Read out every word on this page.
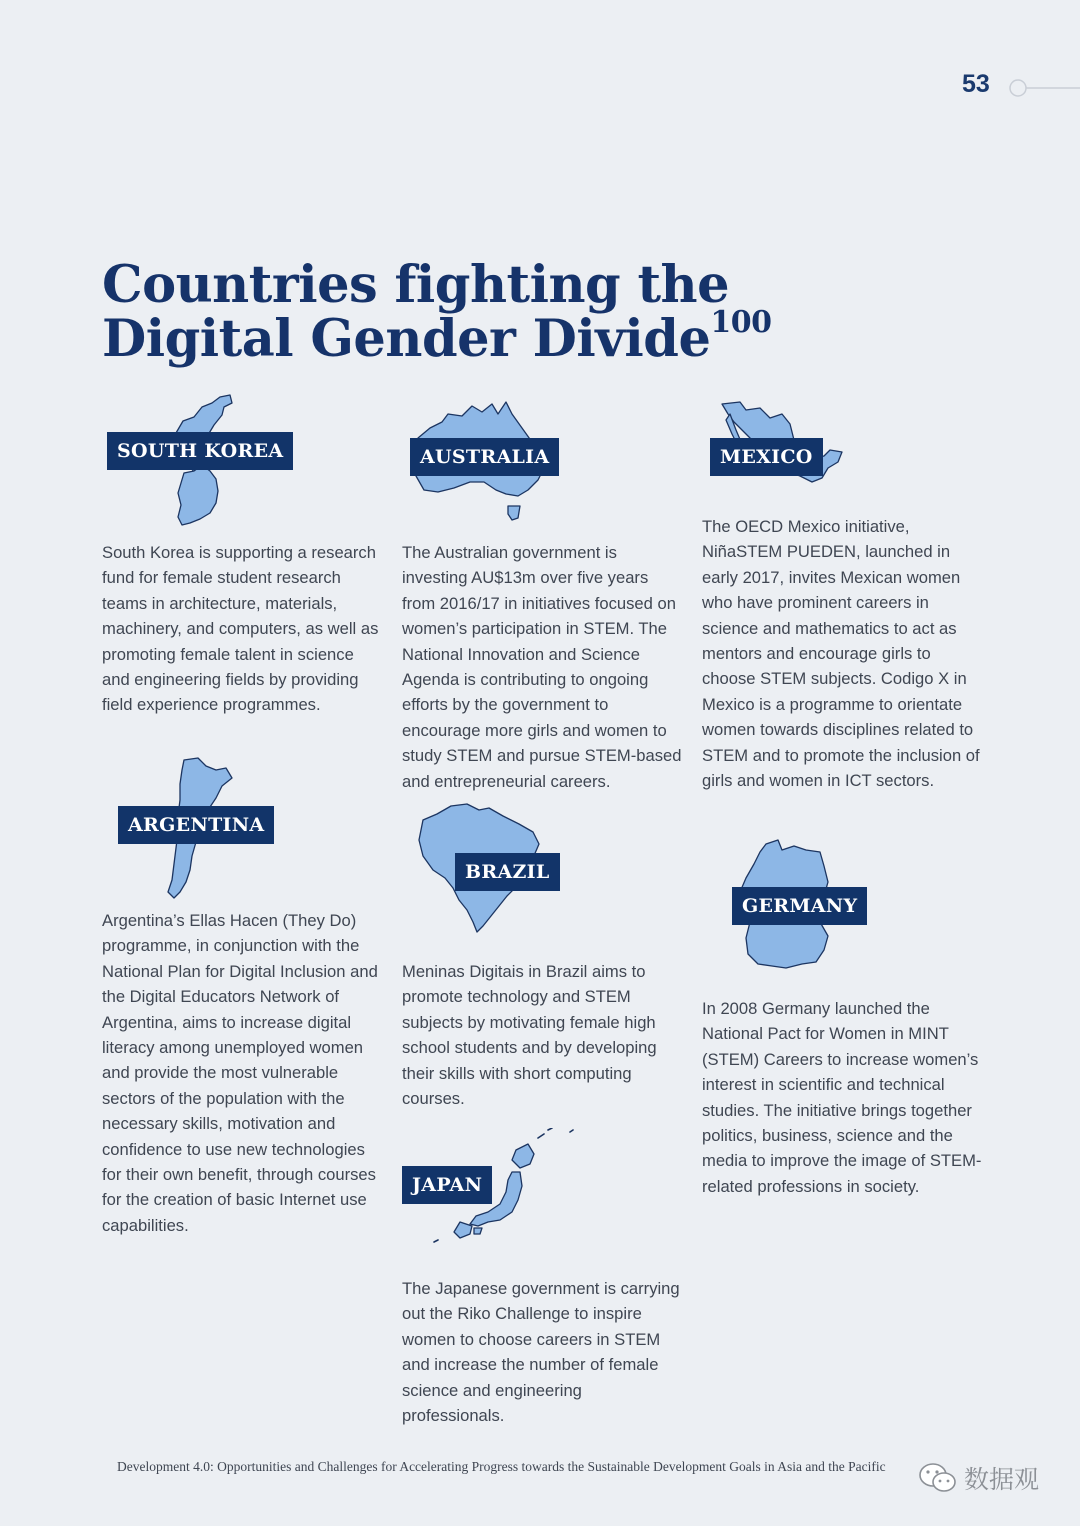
53
Countries fighting the
Digital Gender Divide$^{100}$
SOUTH KOREA

South Korea is supporting a research fund for female student research teams in architecture, materials, machinery, and computers, as well as promoting female talent in science and engineering fields by providing field experience programmes.

AUSTRALIA

The Australian government is investing AU$13m over five years from 2016/17 in initiatives focused on women’s participation in STEM. The National Innovation and Science Agenda is contributing to ongoing efforts by the government to encourage more girls and women to study STEM and pursue STEM-based and entrepreneurial careers.

MEXICO

The OECD Mexico initiative, NiñaSTEM PUEDEN, launched in early 2017, invites Mexican women who have prominent careers in science and mathematics to act as mentors and encourage girls to choose STEM subjects. Codigo X in Mexico is a programme to orientate women towards disciplines related to STEM and to promote the inclusion of girls and women in ICT sectors.

ARGENTINA

Argentina’s Ellas Hacen (They Do) programme, in conjunction with the National Plan for Digital Inclusion and the Digital Educators Network of Argentina, aims to increase digital literacy among unemployed women and provide the most vulnerable sectors of the population with the necessary skills, motivation and confidence to use new technologies for their own benefit, through courses for the creation of basic Internet use capabilities.

BRAZIL

Meninas Digitais in Brazil aims to promote technology and STEM subjects by motivating female high school students and by developing their skills with short computing courses.

GERMANY

In 2008 Germany launched the National Pact for Women in MINT (STEM) Careers to increase women’s interest in scientific and technical studies. The initiative brings together politics, business, science and the media to improve the image of STEM-related professions in society.

JAPAN

The Japanese government is carrying out the Riko Challenge to inspire women to choose careers in STEM and increase the number of female science and engineering professionals.

Development 4.0: Opportunities and Challenges for Accelerating Progress towards the Sustainable Development Goals in Asia and the Pacific	数据观
